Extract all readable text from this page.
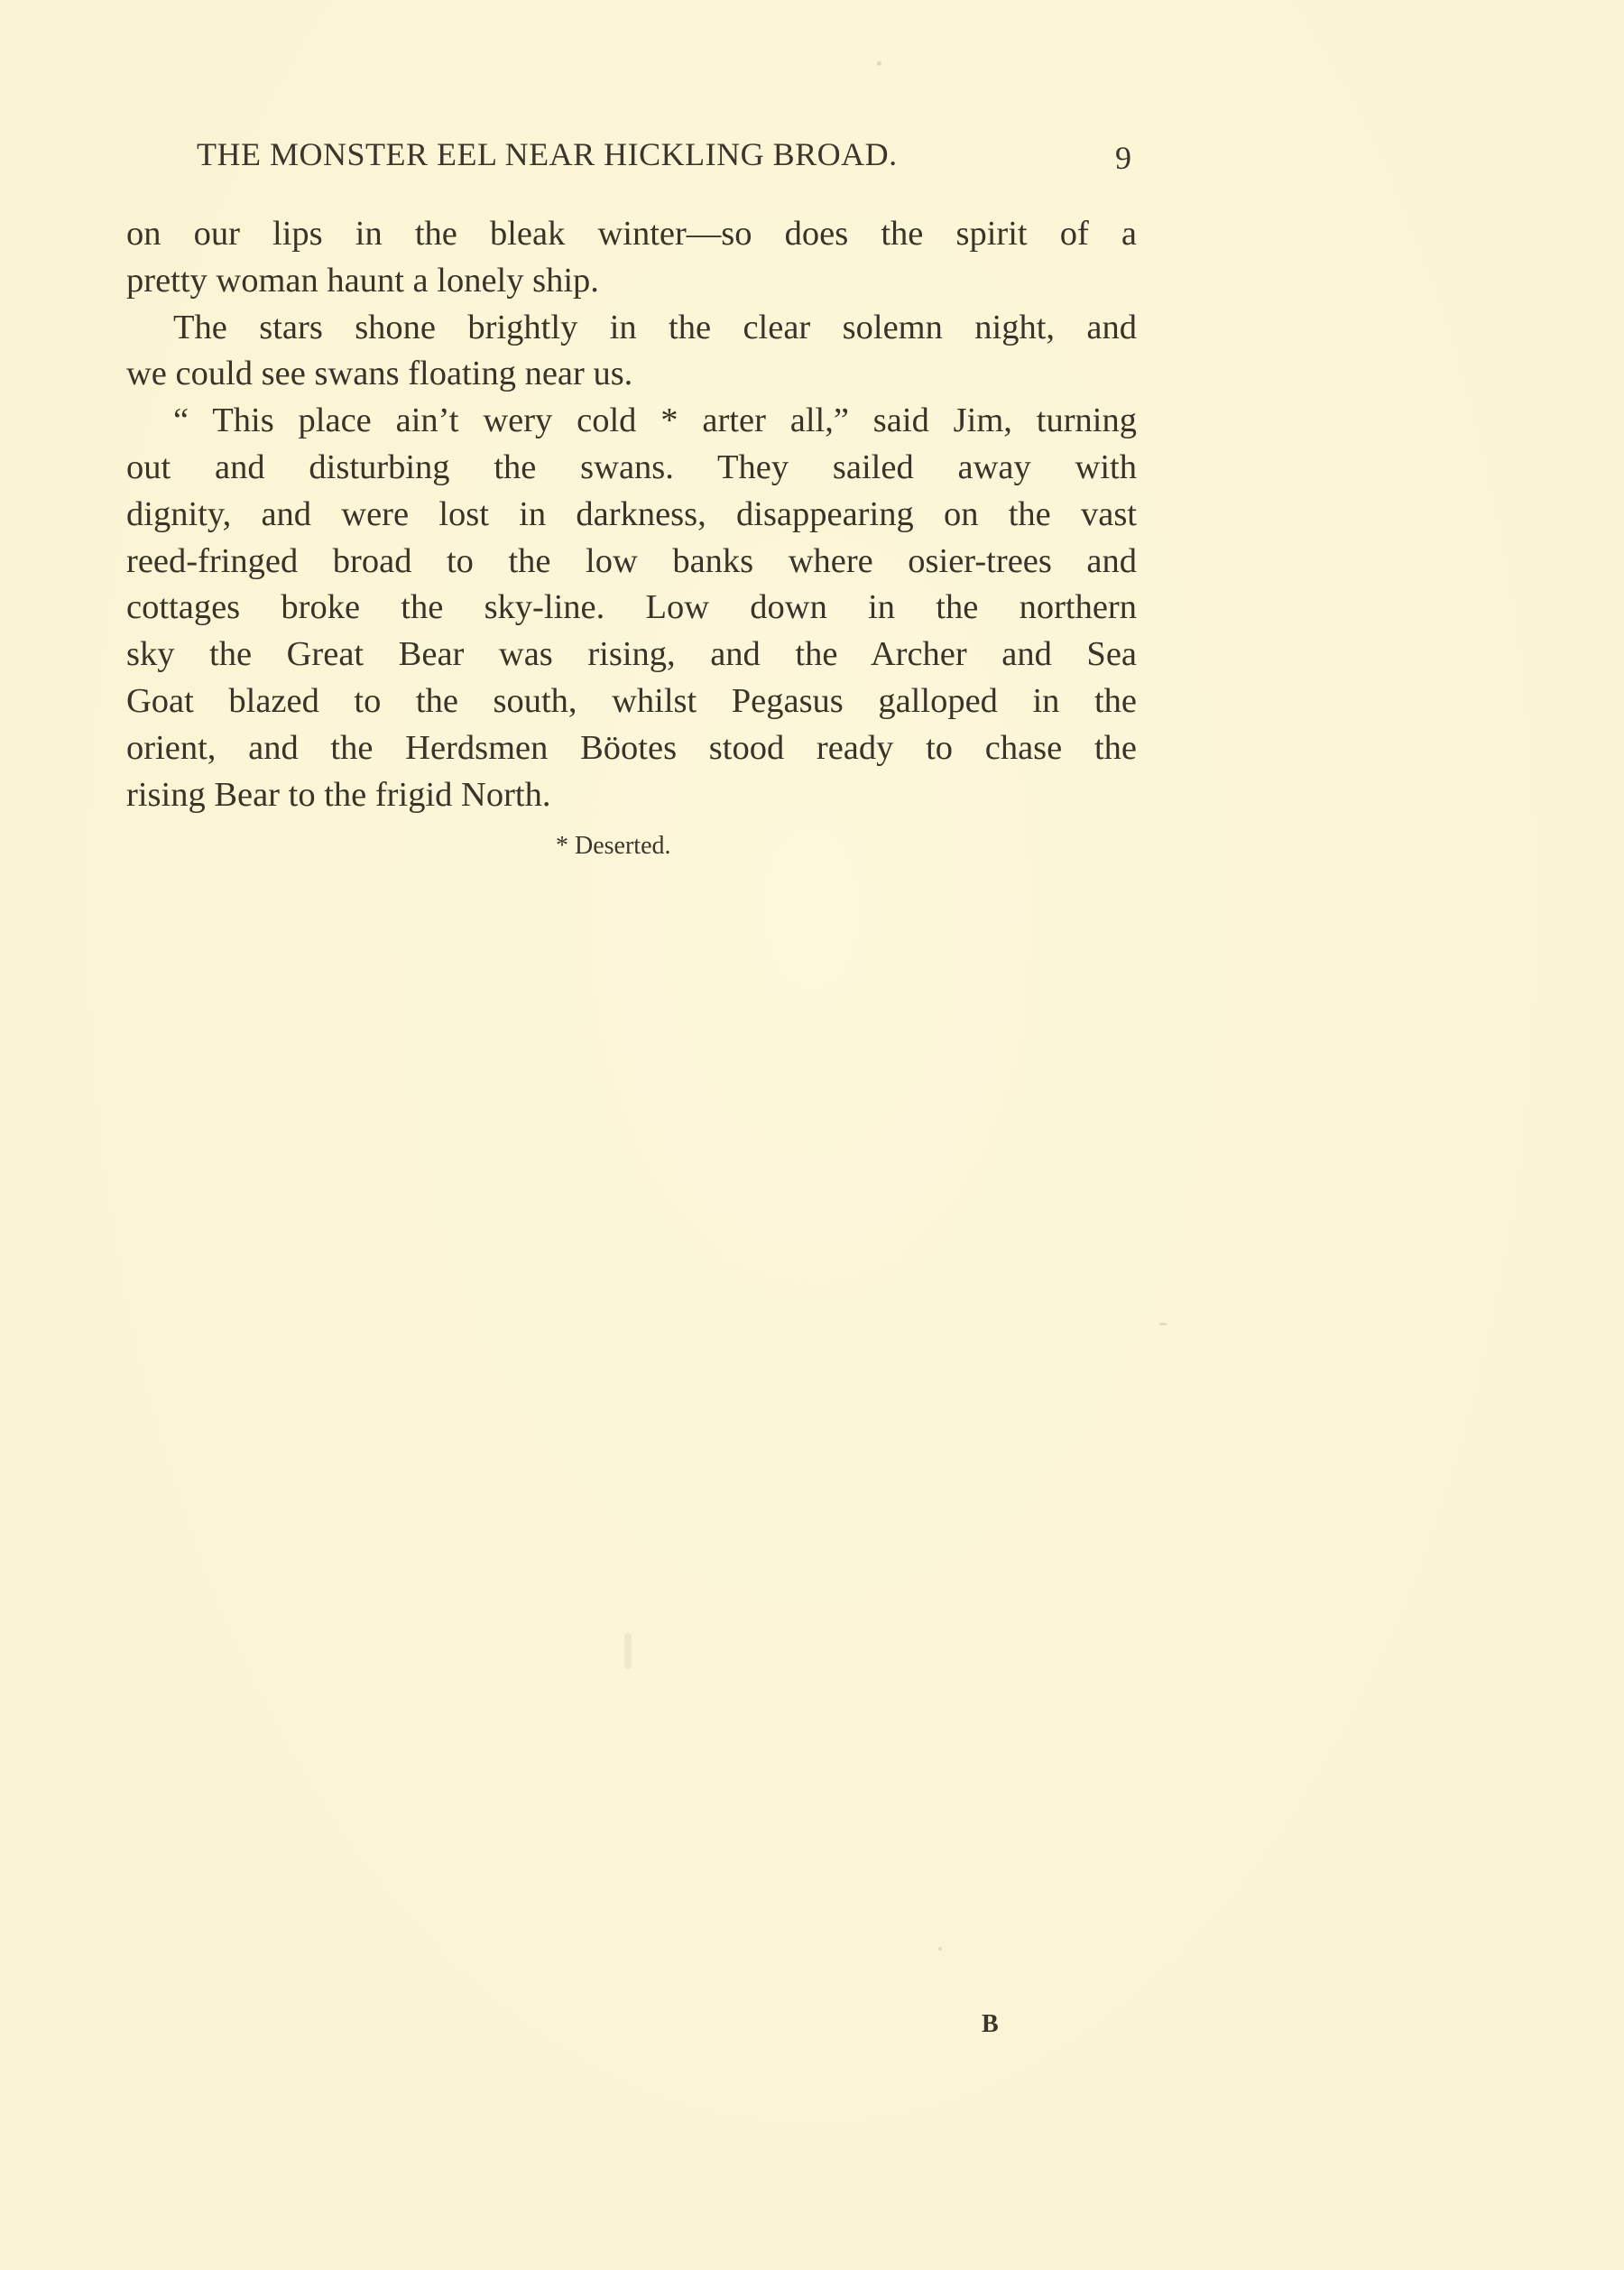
THE MONSTER EEL NEAR HICKLING BROAD.	9
on our lips in the bleak winter—so does the spirit of a
pretty woman haunt a lonely ship.
The stars shone brightly in the clear solemn night, and
we could see swans floating near us.
“ This place ain’t wery cold * arter all,” said Jim, turning
out and disturbing the swans. They sailed away with
dignity, and were lost in darkness, disappearing on the vast
reed-fringed broad to the low banks where osier-trees and
cottages broke the sky-line. Low down in the northern
sky the Great Bear was rising, and the Archer and Sea
Goat blazed to the south, whilst Pegasus galloped in the
orient, and the Herdsmen Böotes stood ready to chase the
rising Bear to the frigid North.
* Deserted.
B
